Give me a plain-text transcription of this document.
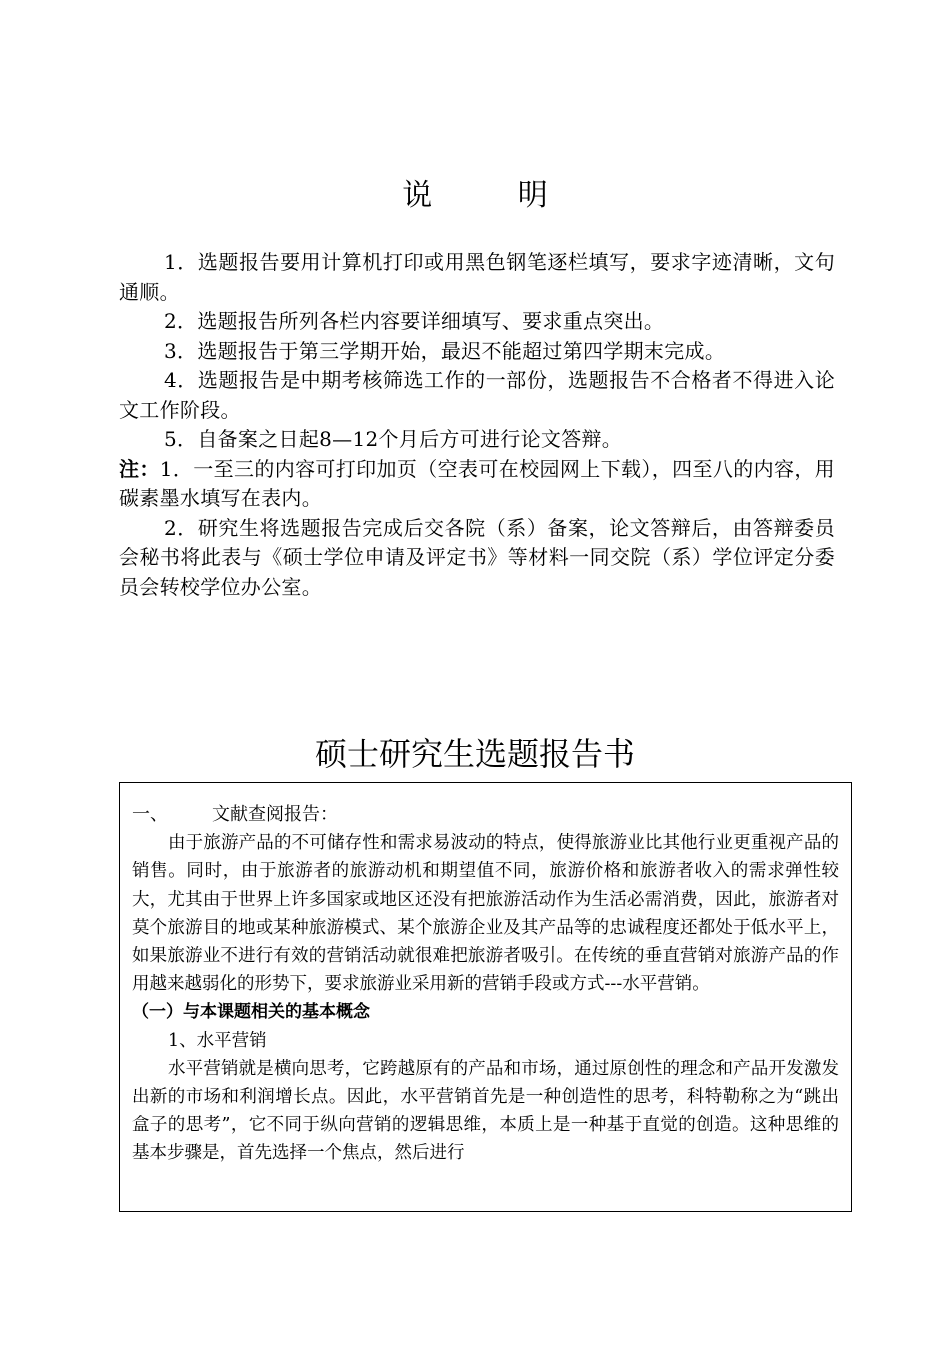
说 明

1．选题报告要用计算机打印或用黑色钢笔逐栏填写，要求字迹清晰，文句通顺。

2．选题报告所列各栏内容要详细填写、要求重点突出。

3．选题报告于第三学期开始，最迟不能超过第四学期末完成。

4．选题报告是中期考核筛选工作的一部份，选题报告不合格者不得进入论文工作阶段。

5．自备案之日起8—12个月后方可进行论文答辩。

注：1．一至三的内容可打印加页（空表可在校园网上下载），四至八的内容，用碳素墨水填写在表内。

2．研究生将选题报告完成后交各院（系）备案，论文答辩后，由答辩委员会秘书将此表与《硕士学位申请及评定书》等材料一同交院（系）学位评定分委员会转校学位办公室。

硕士研究生选题报告书

一、 文献查阅报告：

由于旅游产品的不可储存性和需求易波动的特点，使得旅游业比其他行业更重视产品的销售。同时，由于旅游者的旅游动机和期望值不同，旅游价格和旅游者收入的需求弹性较大，尤其由于世界上许多国家或地区还没有把旅游活动作为生活必需消费，因此，旅游者对莫个旅游目的地或某种旅游模式、某个旅游企业及其产品等的忠诚程度还都处于低水平上，如果旅游业不进行有效的营销活动就很难把旅游者吸引。在传统的垂直营销对旅游产品的作用越来越弱化的形势下，要求旅游业采用新的营销手段或方式---水平营销。

（一）与本课题相关的基本概念

1、水平营销

水平营销就是横向思考，它跨越原有的产品和市场，通过原创性的理念和产品开发激发出新的市场和利润增长点。因此，水平营销首先是一种创造性的思考，科特勒称之为“跳出盒子的思考”，它不同于纵向营销的逻辑思维，本质上是一种基于直觉的创造。这种思维的基本步骤是，首先选择一个焦点，然后进行
